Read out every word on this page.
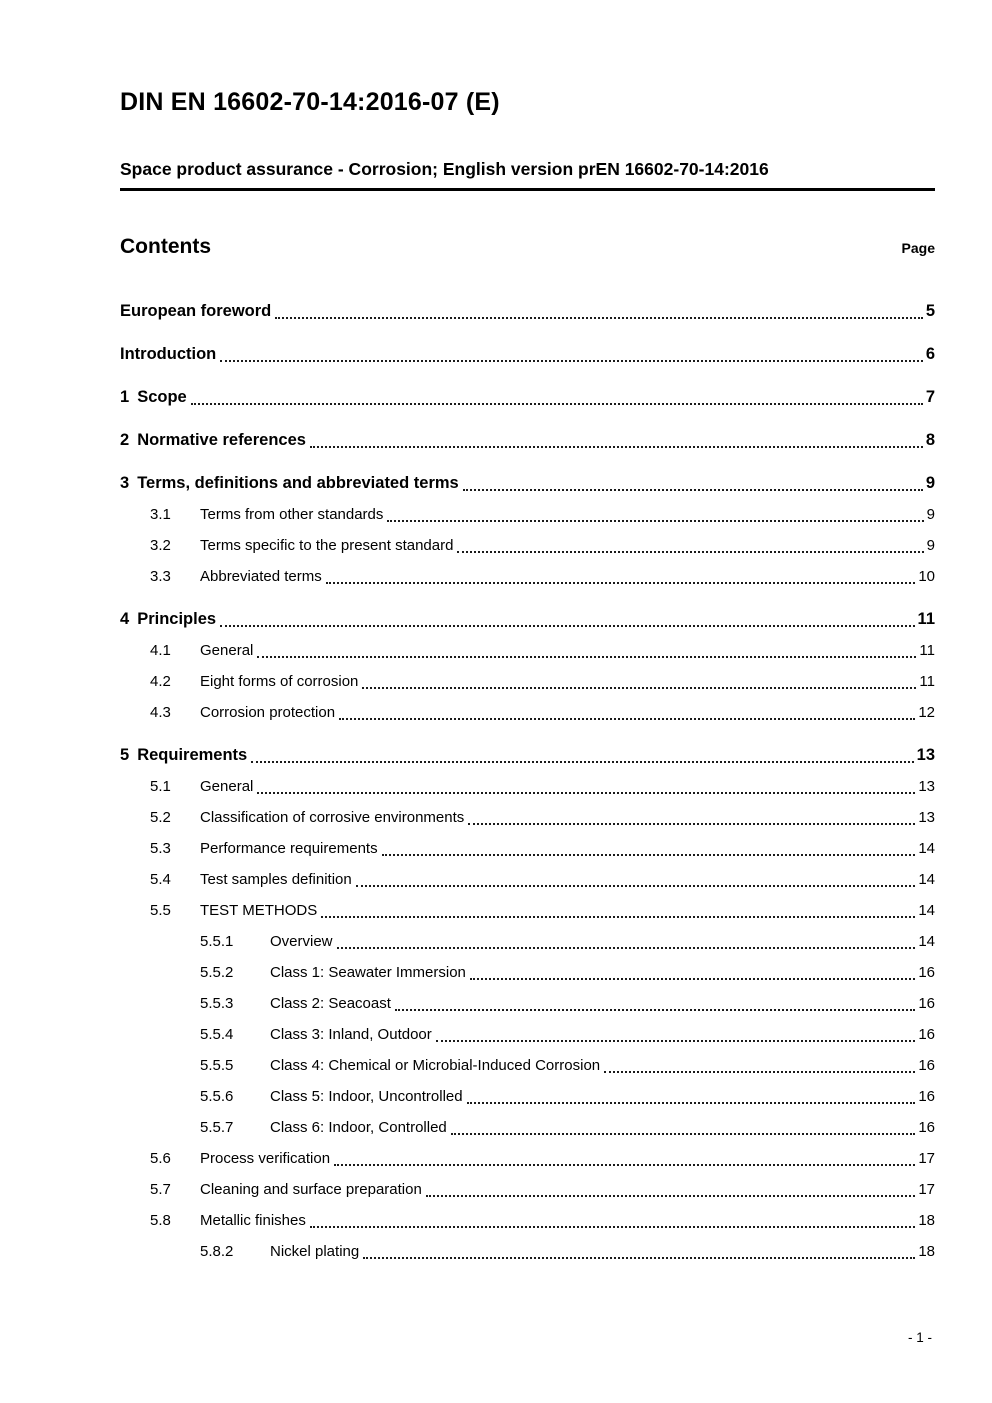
DIN EN 16602-70-14:2016-07 (E)
Space product assurance - Corrosion; English version prEN 16602-70-14:2016
Contents	Page
European foreword	5
Introduction	6
1 Scope	7
2 Normative references	8
3 Terms, definitions and abbreviated terms	9
3.1	Terms from other standards	9
3.2	Terms specific to the present standard	9
3.3	Abbreviated terms	10
4 Principles	11
4.1	General	11
4.2	Eight forms of corrosion	11
4.3	Corrosion protection	12
5 Requirements	13
5.1	General	13
5.2	Classification of corrosive environments	13
5.3	Performance requirements	14
5.4	Test samples definition	14
5.5	TEST METHODS	14
5.5.1	Overview	14
5.5.2	Class 1: Seawater Immersion	16
5.5.3	Class 2: Seacoast	16
5.5.4	Class 3: Inland, Outdoor	16
5.5.5	Class 4: Chemical or Microbial-Induced Corrosion	16
5.5.6	Class 5: Indoor, Uncontrolled	16
5.5.7	Class 6: Indoor, Controlled	16
5.6	Process verification	17
5.7	Cleaning and surface preparation	17
5.8	Metallic finishes	18
5.8.2	Nickel plating	18
- 1 -
